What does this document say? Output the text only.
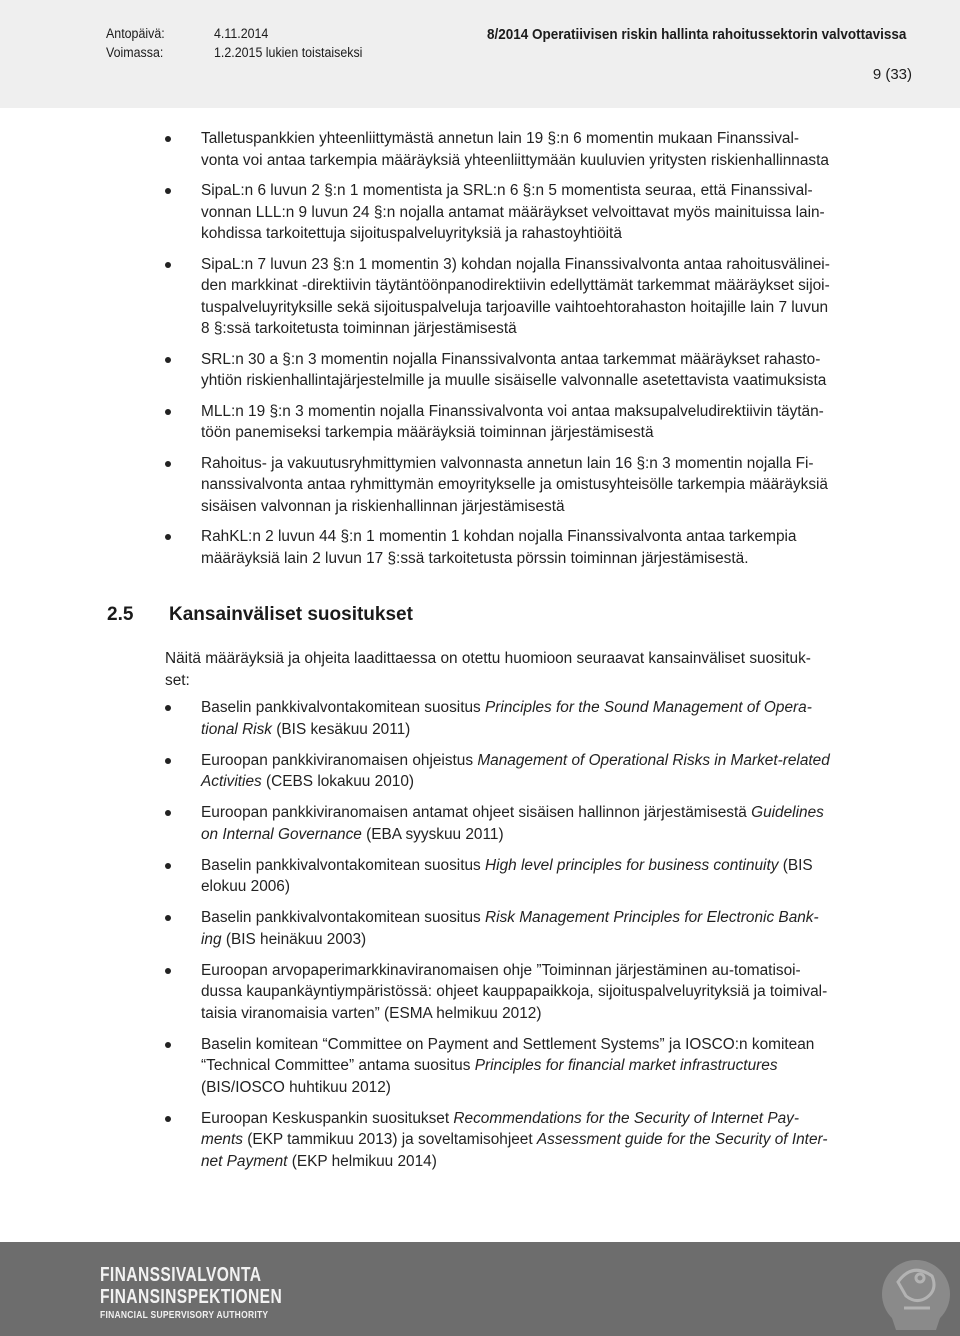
Antopäivä:	4.11.2014
Voimassa:	1.2.2015 lukien toistaiseksi
8/2014 Operatiivisen riskin hallinta rahoitussektorin valvottavissa
9 (33)
Talletuspankkien yhteenliittymästä annetun lain 19 §:n 6 momentin mukaan Finanssival-
vonta voi antaa tarkempia määräyksiä yhteenliittymään kuuluvien yritysten riskienhallinnasta
SipaL:n 6 luvun 2 §:n 1 momentista ja SRL:n 6 §:n 5 momentista seuraa, että Finanssival-
vonnan LLL:n 9 luvun 24 §:n nojalla antamat määräykset velvoittavat myös mainituissa lain-
kohdissa tarkoitettuja sijoituspalveluyrityksiä ja rahastoyhtiöitä
SipaL:n 7 luvun 23 §:n 1 momentin 3) kohdan nojalla Finanssivalvonta antaa rahoitusvälinei-
den markkinat -direktiivin täytäntöönpanodirektiivin edellyttämät tarkemmat määräykset sijoi-
tuspalveluyrityksille sekä sijoituspalveluja tarjoaville vaihtoehtorahaston hoitajille lain 7 luvun
8 §:ssä tarkoitetusta toiminnan järjestämisestä
SRL:n 30 a §:n 3 momentin nojalla Finanssivalvonta antaa tarkemmat määräykset rahasto-
yhtiön riskienhallintajärjestelmille ja muulle sisäiselle valvonnalle asetettavista vaatimuksista
MLL:n 19 §:n 3 momentin nojalla Finanssivalvonta voi antaa maksupalveludirektiivin täytän-
töön panemiseksi tarkempia määräyksiä toiminnan järjestämisestä
Rahoitus- ja vakuutusryhmittymien valvonnasta annetun lain 16 §:n 3 momentin nojalla Fi-
nanssivalvonta antaa ryhmittymän emoyritykselle ja omistusyhteisölle tarkempia määräyksiä
sisäisen valvonnan ja riskienhallinnan järjestämisestä
RahKL:n 2 luvun 44 §:n 1 momentin 1 kohdan nojalla Finanssivalvonta antaa tarkempia
määräyksiä lain 2 luvun 17 §:ssä tarkoitetusta pörssin toiminnan järjestämisestä.
2.5 Kansainväliset suositukset
Näitä määräyksiä ja ohjeita laadittaessa on otettu huomioon seuraavat kansainväliset suosituk-
set:
Baselin pankkivalvontakomitean suositus Principles for the Sound Management of Opera-
tional Risk (BIS kesäkuu 2011)
Euroopan pankkiviranomaisen ohjeistus Management of Operational Risks in Market-related
Activities (CEBS lokakuu 2010)
Euroopan pankkiviranomaisen antamat ohjeet sisäisen hallinnon järjestämisestä Guidelines
on Internal Governance (EBA syyskuu 2011)
Baselin pankkivalvontakomitean suositus High level principles for business continuity (BIS
elokuu 2006)
Baselin pankkivalvontakomitean suositus Risk Management Principles for Electronic Bank-
ing (BIS heinäkuu 2003)
Euroopan arvopaperimarkkinaviranomaisen ohje ”Toiminnan järjestäminen au-tomatisoi-
dussa kaupankäyntiympäristössä: ohjeet kauppapaikkoja, sijoituspalveluyrityksiä ja toimival-
taisia viranomaisia varten” (ESMA helmikuu 2012)
Baselin komitean “Committee on Payment and Settlement Systems” ja IOSCO:n komitean
“Technical Committee” antama suositus Principles for financial market infrastructures
(BIS/IOSCO huhtikuu 2012)
Euroopan Keskuspankin suositukset Recommendations for the Security of Internet Pay-
ments (EKP tammikuu 2013) ja soveltamisohjeet Assessment guide for the Security of Inter-
net Payment (EKP helmikuu 2014)
FINANSSIVALVONTA
FINANSINSPEKTIONEN
FINANCIAL SUPERVISORY AUTHORITY
